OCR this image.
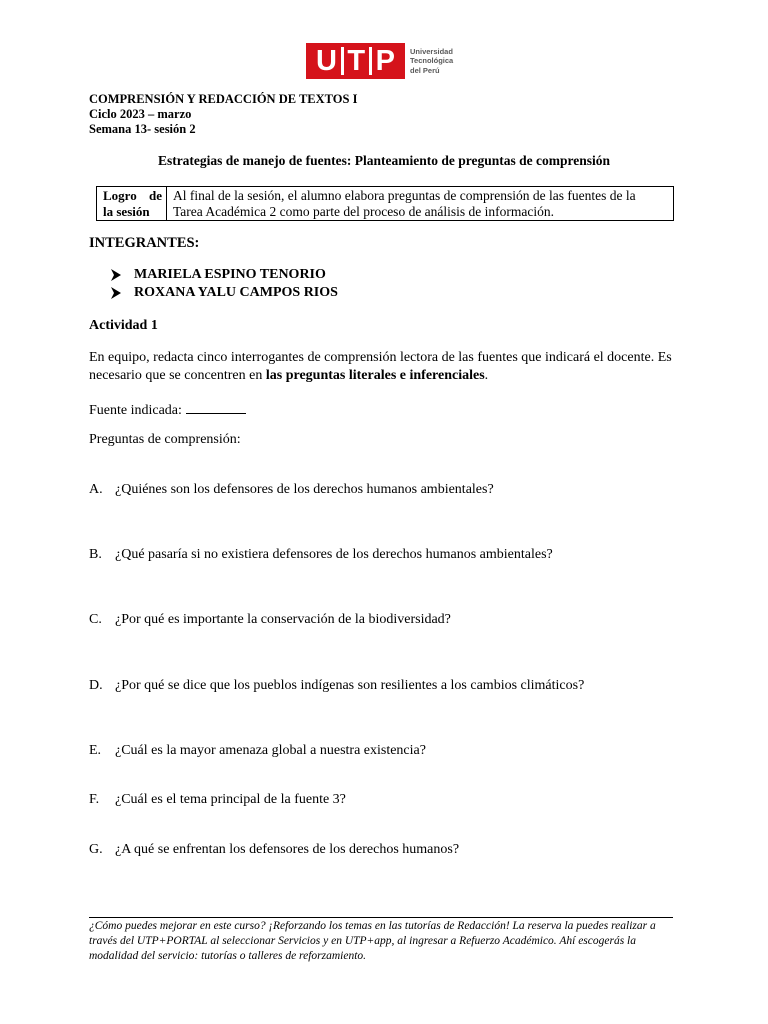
U T P Universidad
Tecnológica
del Perú
COMPRENSIÓN Y REDACCIÓN DE TEXTOS I
Ciclo 2023 – marzo
Semana 13- sesión 2
Estrategias de manejo de fuentes: Planteamiento de preguntas de comprensión
Logro de la sesión
Al final de la sesión, el alumno elabora preguntas de comprensión de las fuentes de la Tarea Académica 2 como parte del proceso de análisis de información.
INTEGRANTES:
MARIELA ESPINO TENORIO
ROXANA YALU CAMPOS RIOS
Actividad 1
En equipo, redacta cinco interrogantes de comprensión lectora de las fuentes que indicará el docente. Es necesario que se concentren en las preguntas literales e inferenciales.
Fuente indicada:
Preguntas de comprensión:
A. ¿Quiénes son los defensores de los derechos humanos ambientales?
B. ¿Qué pasaría si no existiera defensores de los derechos humanos ambientales?
C. ¿Por qué es importante la conservación de la biodiversidad?
D. ¿Por qué se dice que los pueblos indígenas son resilientes a los cambios climáticos?
E. ¿Cuál es la mayor amenaza global a nuestra existencia?
F.	¿Cuál es el tema principal de la fuente 3?
G. ¿A qué se enfrentan los defensores de los derechos humanos?
¿Cómo puedes mejorar en este curso? ¡Reforzando los temas en las tutorías de Redacción! La reserva la puedes realizar a través del UTP+PORTAL al seleccionar Servicios y en UTP+app, al ingresar a Refuerzo Académico. Ahí escogerás la modalidad del servicio: tutorías o talleres de reforzamiento.
